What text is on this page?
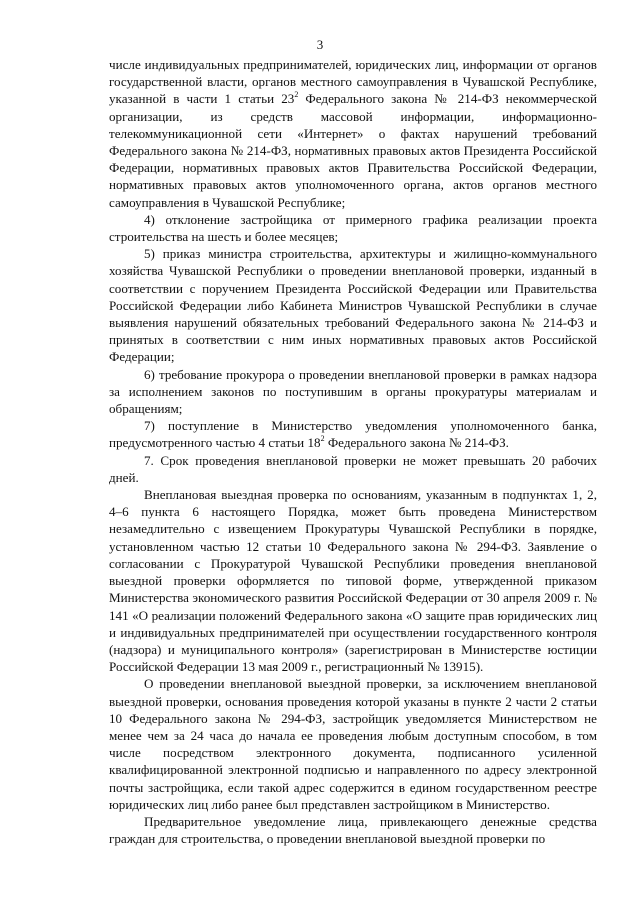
3

числе индивидуальных предпринимателей, юридических лиц, информации от органов государственной власти, органов местного самоуправления в Чувашской Республике, указанной в части 1 статьи $23^2$ Федерального закона № 214-ФЗ некоммерческой организации, из средств массовой информации, информационно-телекоммуникационной сети «Интернет» о фактах нарушений требований Федерального закона № 214-ФЗ, нормативных правовых актов Президента Российской Федерации, нормативных правовых актов Правительства Российской Федерации, нормативных правовых актов уполномоченного органа, актов органов местного самоуправления в Чувашской Республике;

4) отклонение застройщика от примерного графика реализации проекта строительства на шесть и более месяцев;

5) приказ министра строительства, архитектуры и жилищно-коммунального хозяйства Чувашской Республики о проведении внеплановой проверки, изданный в соответствии с поручением Президента Российской Федерации или Правительства Российской Федерации либо Кабинета Министров Чувашской Республики в случае выявления нарушений обязательных требований Федерального закона № 214-ФЗ и принятых в соответствии с ним иных нормативных правовых актов Российской Федерации;

6) требование прокурора о проведении внеплановой проверки в рамках надзора за исполнением законов по поступившим в органы прокуратуры материалам и обращениям;

7) поступление в Министерство уведомления уполномоченного банка, предусмотренного частью 4 статьи $18^2$ Федерального закона № 214-ФЗ.

7. Срок проведения внеплановой проверки не может превышать 20 рабочих дней.

Внеплановая выездная проверка по основаниям, указанным в подпунктах 1, 2, 4–6 пункта 6 настоящего Порядка, может быть проведена Министерством незамедлительно с извещением Прокуратуры Чувашской Республики в порядке, установленном частью 12 статьи 10 Федерального закона № 294-ФЗ. Заявление о согласовании с Прокуратурой Чувашской Республики проведения внеплановой выездной проверки оформляется по типовой форме, утвержденной приказом Министерства экономического развития Российской Федерации от 30 апреля 2009 г. № 141 «О реализации положений Федерального закона «О защите прав юридических лиц и индивидуальных предпринимателей при осуществлении государственного контроля (надзора) и муниципального контроля» (зарегистрирован в Министерстве юстиции Российской Федерации 13 мая 2009 г., регистрационный № 13915).

О проведении внеплановой выездной проверки, за исключением внеплановой выездной проверки, основания проведения которой указаны в пункте 2 части 2 статьи 10 Федерального закона № 294-ФЗ, застройщик уведомляется Министерством не менее чем за 24 часа до начала ее проведения любым доступным способом, в том числе посредством электронного документа, подписанного усиленной квалифицированной электронной подписью и направленного по адресу электронной почты застройщика, если такой адрес содержится в едином государственном реестре юридических лиц либо ранее был представлен застройщиком в Министерство.

Предварительное уведомление лица, привлекающего денежные средства граждан для строительства, о проведении внеплановой выездной проверки по
